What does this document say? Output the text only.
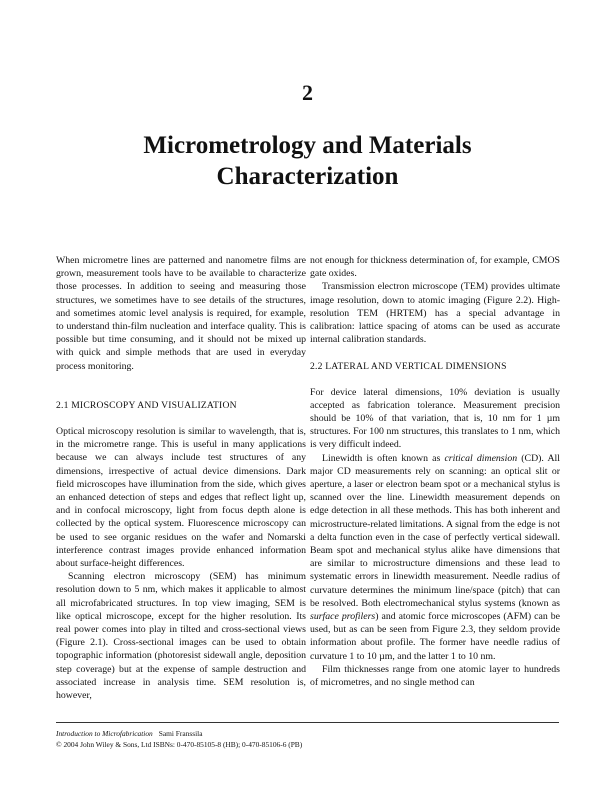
2
Micrometrology and Materials
Characterization

When micrometre lines are patterned and nanometre films are grown, measurement tools have to be available to characterize those processes. In addition to seeing and measuring those structures, we sometimes have to see details of the structures, and sometimes atomic level analysis is required, for example, to understand thin-film nucleation and interface quality. This is possible but time consuming, and it should not be mixed up with quick and simple methods that are used in everyday process monitoring.

2.1 MICROSCOPY AND VISUALIZATION

Optical microscopy resolution is similar to wavelength, that is, in the micrometre range. This is useful in many applications because we can always include test structures of any dimensions, irrespective of actual device dimensions. Dark field microscopes have illumination from the side, which gives an enhanced detection of steps and edges that reflect light up, and in confocal microscopy, light from focus depth alone is collected by the optical system. Fluorescence microscopy can be used to see organic residues on the wafer and Nomarski interference contrast images provide enhanced information about surface-height differences.

Scanning electron microscopy (SEM) has minimum resolution down to 5 nm, which makes it applicable to almost all microfabricated structures. In top view imaging, SEM is like optical microscope, except for the higher resolution. Its real power comes into play in tilted and cross-sectional views (Figure 2.1). Cross-sectional images can be used to obtain topographic information (photoresist sidewall angle, deposition step coverage) but at the expense of sample destruction and associated increase in analysis time. SEM resolution is, however,

not enough for thickness determination of, for example, CMOS gate oxides.

Transmission electron microscope (TEM) provides ultimate image resolution, down to atomic imaging (Figure 2.2). High-resolution TEM (HRTEM) has a special advantage in calibration: lattice spacing of atoms can be used as accurate internal calibration standards.

2.2 LATERAL AND VERTICAL DIMENSIONS

For device lateral dimensions, 10% deviation is usually accepted as fabrication tolerance. Measurement precision should be 10% of that variation, that is, 10 nm for 1 µm structures. For 100 nm structures, this translates to 1 nm, which is very difficult indeed.

Linewidth is often known as critical dimension (CD). All major CD measurements rely on scanning: an optical slit or aperture, a laser or electron beam spot or a mechanical stylus is scanned over the line. Linewidth measurement depends on edge detection in all these methods. This has both inherent and microstructure-related limitations. A signal from the edge is not a delta function even in the case of perfectly vertical sidewall. Beam spot and mechanical stylus alike have dimensions that are similar to microstructure dimensions and these lead to systematic errors in linewidth measurement. Needle radius of curvature determines the minimum line/space (pitch) that can be resolved. Both electromechanical stylus systems (known as surface profilers) and atomic force microscopes (AFM) can be used, but as can be seen from Figure 2.3, they seldom provide information about profile. The former have needle radius of curvature 1 to 10 µm, and the latter 1 to 10 nm.

Film thicknesses range from one atomic layer to hundreds of micrometres, and no single method can

Introduction to Microfabrication Sami Franssila
© 2004 John Wiley & Sons, Ltd ISBNs: 0-470-85105-8 (HB); 0-470-85106-6 (PB)
